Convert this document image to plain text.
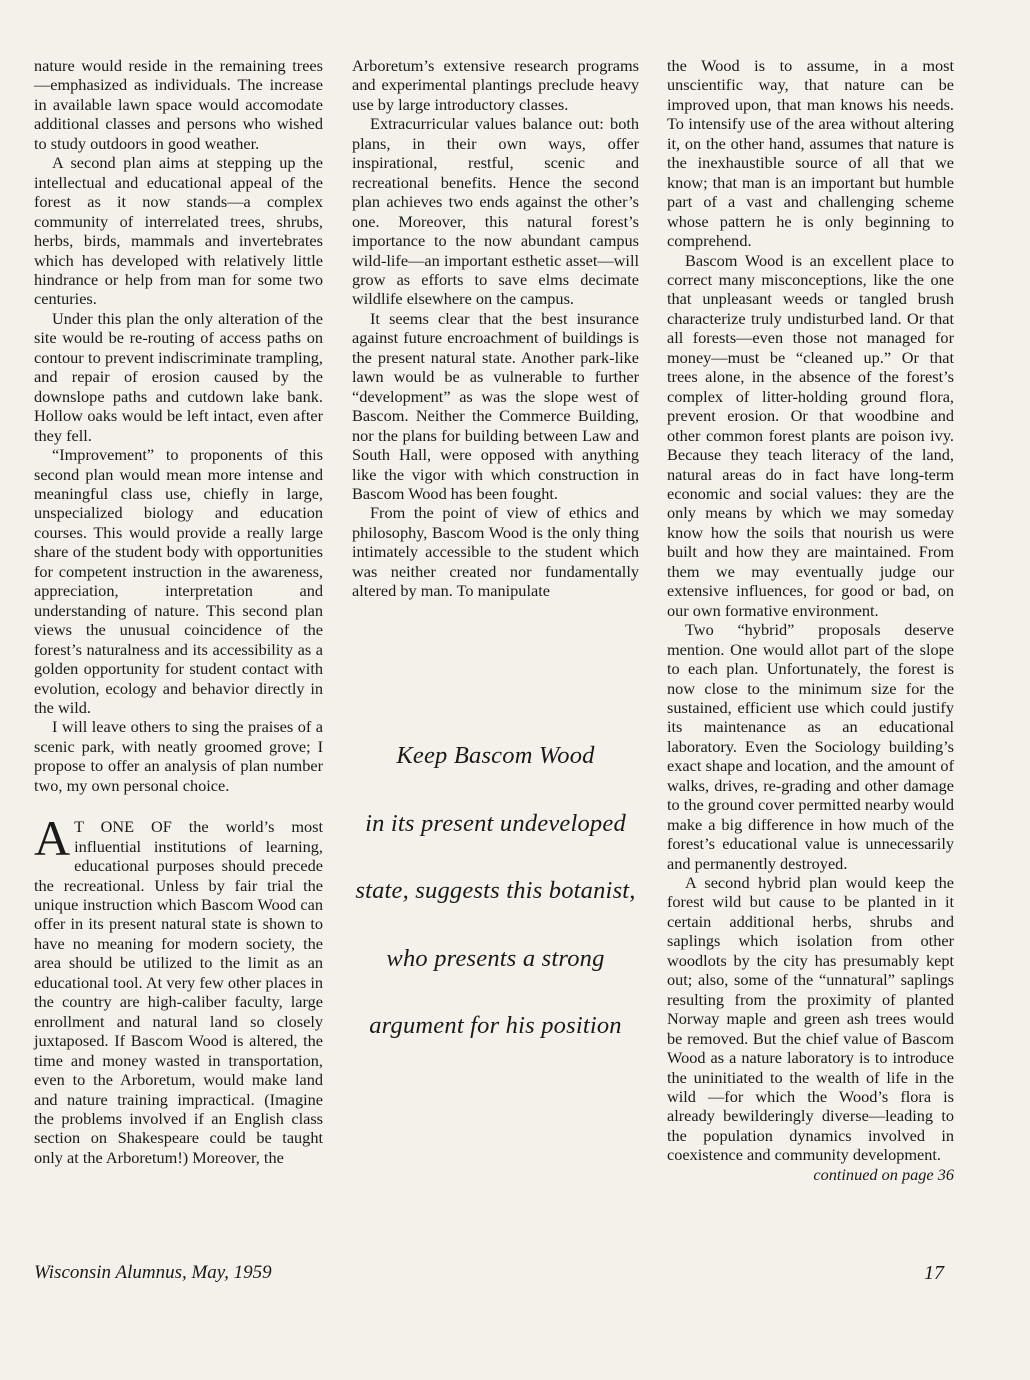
nature would reside in the remaining trees—emphasized as individuals. The increase in available lawn space would accomodate additional classes and persons who wished to study outdoors in good weather.

A second plan aims at stepping up the intellectual and educational appeal of the forest as it now stands—a complex community of interrelated trees, shrubs, herbs, birds, mammals and invertebrates which has developed with relatively little hindrance or help from man for some two centuries.

Under this plan the only alteration of the site would be re-routing of access paths on contour to prevent indiscriminate trampling, and repair of erosion caused by the downslope paths and cutdown lake bank. Hollow oaks would be left intact, even after they fell.

“Improvement” to proponents of this second plan would mean more intense and meaningful class use, chiefly in large, unspecialized biology and education courses. This would provide a really large share of the student body with opportunities for competent instruction in the awareness, appreciation, interpretation and understanding of nature. This second plan views the unusual coincidence of the forest’s naturalness and its accessibility as a golden opportunity for student contact with evolution, ecology and behavior directly in the wild.

I will leave others to sing the praises of a scenic park, with neatly groomed grove; I propose to offer an analysis of plan number two, my own personal choice.

A T ONE OF the world’s most influential institutions of learning, educational purposes should precede the recreational. Unless by fair trial the unique instruction which Bascom Wood can offer in its present natural state is shown to have no meaning for modern society, the area should be utilized to the limit as an educational tool. At very few other places in the country are high-caliber faculty, large enrollment and natural land so closely juxtaposed. If Bascom Wood is altered, the time and money wasted in transportation, even to the Arboretum, would make land and nature training impractical. (Imagine the problems involved if an English class section on Shakespeare could be taught only at the Arboretum!) Moreover, the

Arboretum’s extensive research programs and experimental plantings preclude heavy use by large introductory classes.

Extracurricular values balance out: both plans, in their own ways, offer inspirational, restful, scenic and recreational benefits. Hence the second plan achieves two ends against the other’s one. Moreover, this natural forest’s importance to the now abundant campus wild-life—an important esthetic asset—will grow as efforts to save elms decimate wildlife elsewhere on the campus.

It seems clear that the best insurance against future encroachment of buildings is the present natural state. Another park-like lawn would be as vulnerable to further “development” as was the slope west of Bascom. Neither the Commerce Building, nor the plans for building between Law and South Hall, were opposed with anything like the vigor with which construction in Bascom Wood has been fought.

From the point of view of ethics and philosophy, Bascom Wood is the only thing intimately accessible to the student which was neither created nor fundamentally altered by man. To manipulate

Keep Bascom Wood
in its present undeveloped
state, suggests this botanist,
who presents a strong
argument for his position

the Wood is to assume, in a most unscientific way, that nature can be improved upon, that man knows his needs. To intensify use of the area without altering it, on the other hand, assumes that nature is the inexhaustible source of all that we know; that man is an important but humble part of a vast and challenging scheme whose pattern he is only beginning to comprehend.

Bascom Wood is an excellent place to correct many misconceptions, like the one that unpleasant weeds or tangled brush characterize truly undisturbed land. Or that all forests—even those not managed for money—must be “cleaned up.” Or that trees alone, in the absence of the forest’s complex of litter-holding ground flora, prevent erosion. Or that woodbine and other common forest plants are poison ivy. Because they teach literacy of the land, natural areas do in fact have long-term economic and social values: they are the only means by which we may someday know how the soils that nourish us were built and how they are maintained. From them we may eventually judge our extensive influences, for good or bad, on our own formative environment.

Two “hybrid” proposals deserve mention. One would allot part of the slope to each plan. Unfortunately, the forest is now close to the minimum size for the sustained, efficient use which could justify its maintenance as an educational laboratory. Even the Sociology building’s exact shape and location, and the amount of walks, drives, re-grading and other damage to the ground cover permitted nearby would make a big difference in how much of the forest’s educational value is unnecessarily and permanently destroyed.

A second hybrid plan would keep the forest wild but cause to be planted in it certain additional herbs, shrubs and saplings which isolation from other woodlots by the city has presumably kept out; also, some of the “unnatural” saplings resulting from the proximity of planted Norway maple and green ash trees would be removed. But the chief value of Bascom Wood as a nature laboratory is to introduce the uninitiated to the wealth of life in the wild —for which the Wood’s flora is already bewilderingly diverse—leading to the population dynamics involved in coexistence and community development.

continued on page 36

Wisconsin Alumnus, May, 1959	17
